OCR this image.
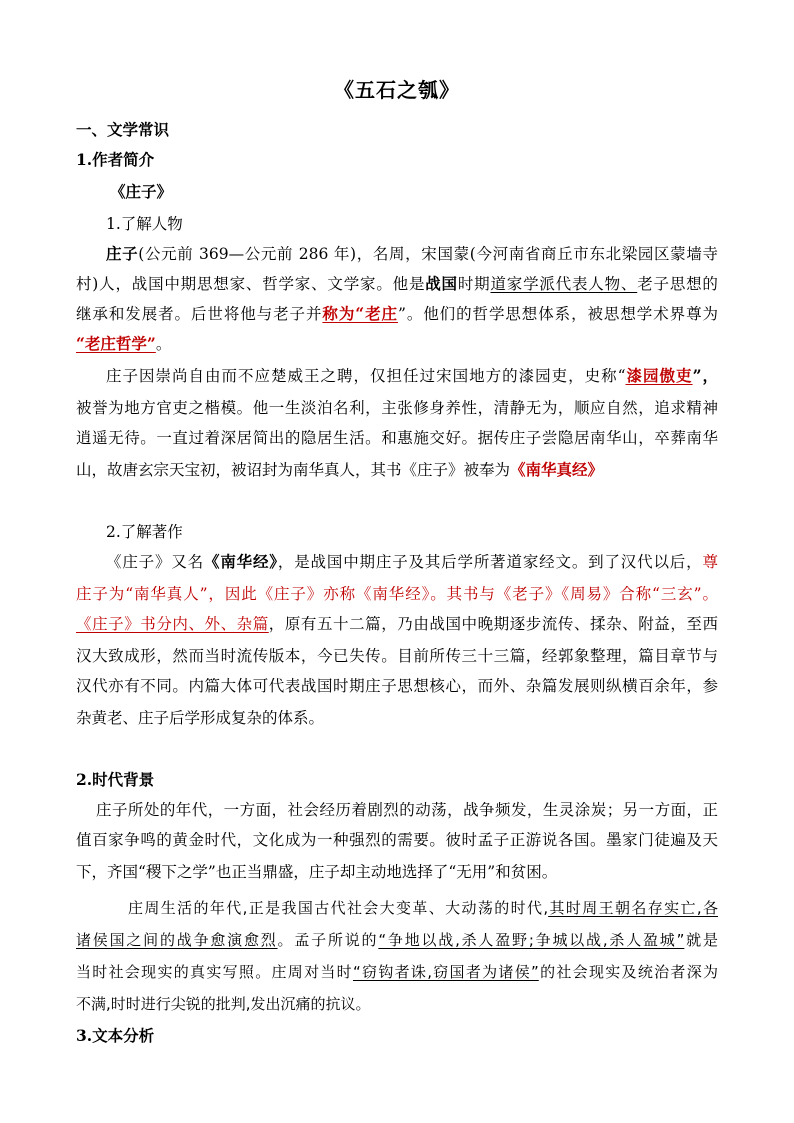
《五石之瓠》
一、文学常识
1.作者简介
《庄子》
1.了解人物
庄子(公元前 369—公元前 286 年)，名周，宋国蒙(今河南省商丘市东北梁园区蒙墙寺
村)人，战国中期思想家、哲学家、文学家。他是战国时期道家学派代表人物、老子思想的
继承和发展者。后世将他与老子并称为“老庄”。他们的哲学思想体系，被思想学术界尊为
“老庄哲学”。
庄子因崇尚自由而不应楚威王之聘，仅担任过宋国地方的漆园吏，史称“漆园傲吏”，
被誉为地方官吏之楷模。他一生淡泊名利，主张修身养性，清静无为，顺应自然，追求精神
逍遥无待。一直过着深居简出的隐居生活。和惠施交好。据传庄子尝隐居南华山，卒葬南华
山，故唐玄宗天宝初，被诏封为南华真人，其书《庄子》被奉为《南华真经》
2.了解著作
《庄子》又名《南华经》，是战国中期庄子及其后学所著道家经文。到了汉代以后，尊
庄子为“南华真人”，因此《庄子》亦称《南华经》。其书与《老子》《周易》合称“三玄”。
《庄子》书分内、外、杂篇，原有五十二篇，乃由战国中晚期逐步流传、揉杂、附益，至西
汉大致成形，然而当时流传版本，今已失传。目前所传三十三篇，经郭象整理，篇目章节与
汉代亦有不同。内篇大体可代表战国时期庄子思想核心，而外、杂篇发展则纵横百余年，参
杂黄老、庄子后学形成复杂的体系。
2.时代背景
庄子所处的年代，一方面，社会经历着剧烈的动荡，战争频发，生灵涂炭；另一方面，正
值百家争鸣的黄金时代，文化成为一种强烈的需要。彼时孟子正游说各国。墨家门徒遍及天
下，齐国“稷下之学”也正当鼎盛，庄子却主动地选择了“无用”和贫困。
庄周生活的年代,正是我国古代社会大变革、大动荡的时代,其时周王朝名存实亡,各
诸侯国之间的战争愈演愈烈。孟子所说的“争地以战,杀人盈野;争城以战,杀人盈城”就是
当时社会现实的真实写照。庄周对当时“窃钩者诛,窃国者为诸侯”的社会现实及统治者深为
不满,时时进行尖锐的批判,发出沉痛的抗议。
3.文本分析
